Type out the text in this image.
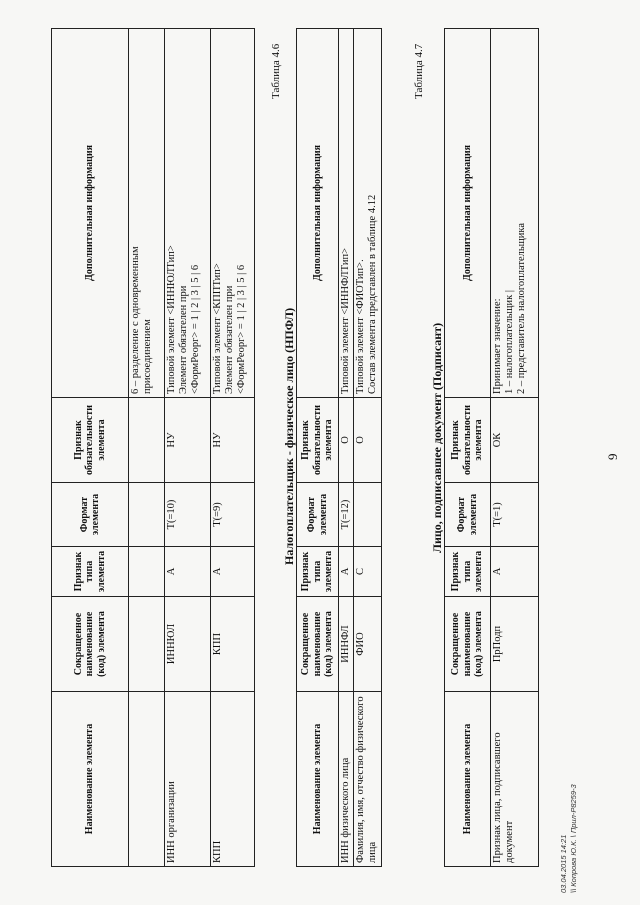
9
Наименование элемента	Сокращенное наименование (код) элемента	Признак типа элемента	Формат элемента	Признак обязательности элемента	Дополнительная информация

					6 – разделение с одновременным присоединением

ИНН организации	ИННЮЛ	А	T(=10)	НУ	Типовой элемент <ИННЮЛТип> Элемент обязателен при <ФормРеорг> = 1 | 2 | 3 | 5 | 6

КПП	КПП	А	T(=9)	НУ	Типовой элемент <КППТип> Элемент обязателен при <ФормРеорг> = 1 | 2 | 3 | 5 | 6
Таблица 4.6
Налогоплательщик - физическое лицо (НПФЛ)
Наименование элемента	Сокращенное наименование (код) элемента	Признак типа элемента	Формат элемента	Признак обязательности элемента	Дополнительная информация
ИНН физического лица	ИННФЛ	А	T(=12)	О	Типовой элемент <ИННФЛТип>

Фамилия, имя, отчество физического лица	ФИО	С		О	Типовой элемент <ФИОТип>. Состав элемента представлен в таблице 4.12
Таблица 4.7
Лицо, подписавшее документ (Подписант)
Наименование элемента	Сокращенное наименование (код) элемента	Признак типа элемента	Формат элемента	Признак обязательности элемента	Дополнительная информация
Признак лица, подписавшего документ	ПрПодп	А	T(=1)	ОК	Принимает значение: 1 – налогоплательщик | 2 – представитель налогоплательщика
03.04.2015 14:21 \\ Копрова Ю.К. \ Прил-Р8259-3
